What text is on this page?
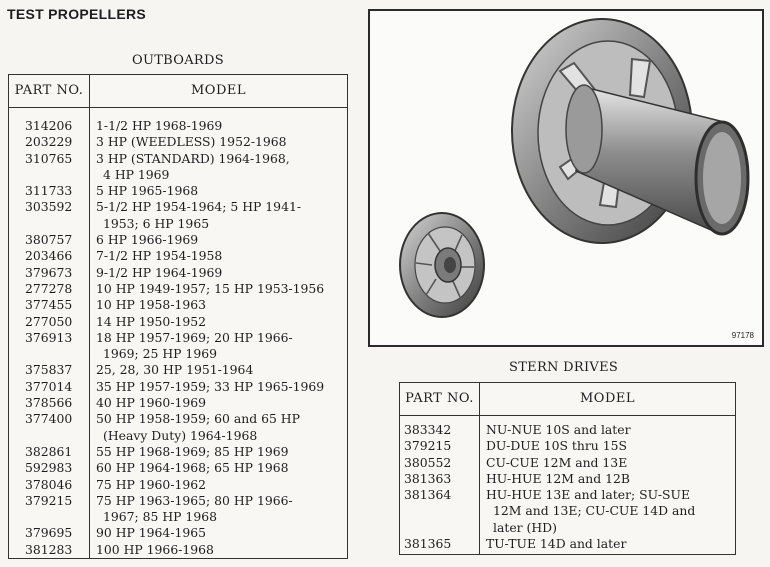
TEST PROPELLERS
OUTBOARDS
PART NO.	MODEL
314206	1-1/2 HP 1968-1969

203229	3 HP (WEEDLESS) 1952-1968

310765	3 HP (STANDARD) 1964-1968,
4 HP 1969

311733	5 HP 1965-1968

303592	5-1/2 HP 1954-1964; 5 HP 1941-
1953; 6 HP 1965

380757	6 HP 1966-1969

203466	7-1/2 HP 1954-1958

379673	9-1/2 HP 1964-1969

277278	10 HP 1949-1957; 15 HP 1953-1956

377455	10 HP 1958-1963

277050	14 HP 1950-1952

376913	18 HP 1957-1969; 20 HP 1966-
1969; 25 HP 1969

375837	25, 28, 30 HP 1951-1964

377014	35 HP 1957-1959; 33 HP 1965-1969

378566	40 HP 1960-1969

377400	50 HP 1958-1959; 60 and 65 HP
(Heavy Duty) 1964-1968

382861	55 HP 1968-1969; 85 HP 1969

592983	60 HP 1964-1968; 65 HP 1968

378046	75 HP 1960-1962

379215	75 HP 1963-1965; 80 HP 1966-
1967; 85 HP 1968

379695	90 HP 1964-1965

381283	100 HP 1966-1968
97178
STERN DRIVES
PART NO.	MODEL
383342	NU-NUE 10S and later

379215	DU-DUE 10S thru 15S

380552	CU-CUE 12M and 13E

381363	HU-HUE 12M and 12B

381364	HU-HUE 13E and later; SU-SUE
12M and 13E; CU-CUE 14D and
later (HD)

381365	TU-TUE 14D and later
